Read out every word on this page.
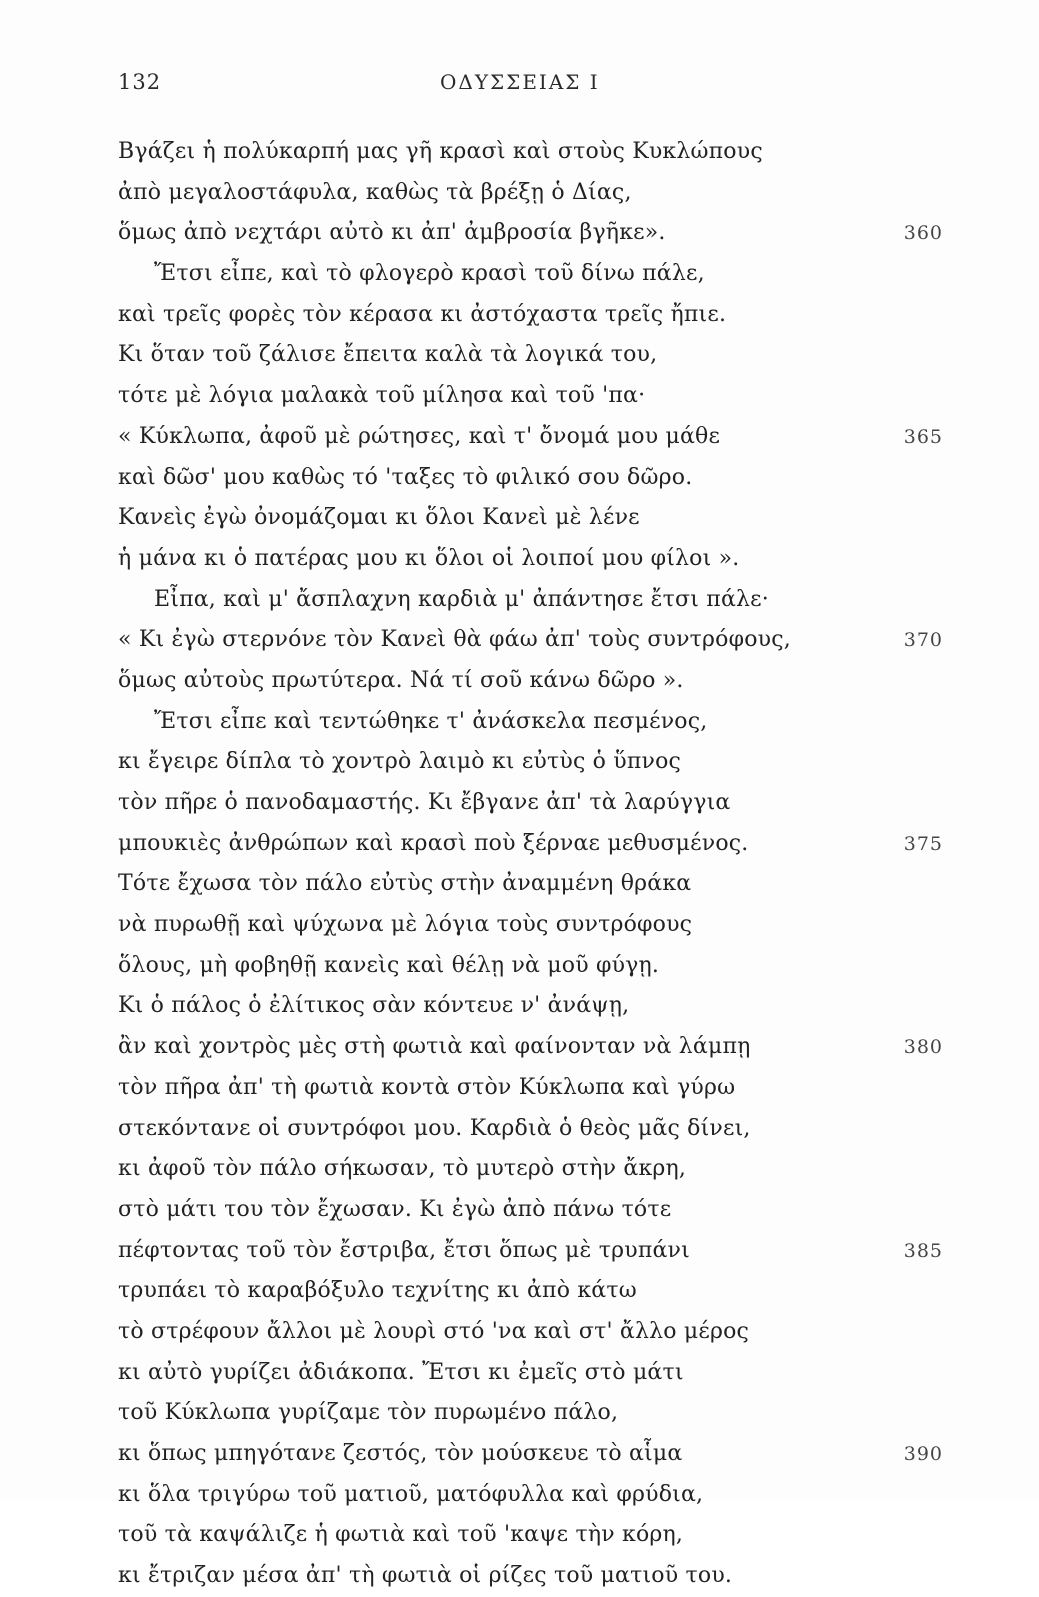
132	ΟΔΥΣΣΕΙΑΣ Ι
Βγάζει ἡ πολύκαρπή μας γῆ κρασὶ καὶ στοὺς Κυκλώπους
ἀπὸ μεγαλοστάφυλα, καθὼς τὰ βρέξῃ ὁ Δίας,
ὅμως ἀπὸ νεχτάρι αὐτὸ κι ἀπ' ἀμβροσία βγῆκε».	360
Ἔτσι εἶπε, καὶ τὸ φλογερὸ κρασὶ τοῦ δίνω πάλε,
καὶ τρεῖς φορὲς τὸν κέρασα κι ἀστόχαστα τρεῖς ἤπιε.
Κι ὅταν τοῦ ζάλισε ἔπειτα καλὰ τὰ λογικά του,
τότε μὲ λόγια μαλακὰ τοῦ μίλησα καὶ τοῦ 'πα·
« Κύκλωπα, ἀφοῦ μὲ ρώτησες, καὶ τ' ὄνομά μου μάθε	365
καὶ δῶσ' μου καθὼς τό 'ταξες τὸ φιλικό σου δῶρο.
Κανεὶς ἐγὼ ὀνομάζομαι κι ὅλοι Κανεὶ μὲ λένε
ἡ μάνα κι ὁ πατέρας μου κι ὅλοι οἱ λοιποί μου φίλοι ».
Εἶπα, καὶ μ' ἄσπλαχνη καρδιὰ μ' ἀπάντησε ἔτσι πάλε·
« Κι ἐγὼ στερνόνε τὸν Κανεὶ θὰ φάω ἀπ' τοὺς συντρόφους,	370
ὅμως αὐτοὺς πρωτύτερα. Νά τί σοῦ κάνω δῶρο ».
Ἔτσι εἶπε καὶ τεντώθηκε τ' ἀνάσκελα πεσμένος,
κι ἔγειρε δίπλα τὸ χοντρὸ λαιμὸ κι εὐτὺς ὁ ὕπνος
τὸν πῆρε ὁ πανοδαμαστής. Κι ἔβγανε ἀπ' τὰ λαρύγγια
μπουκιὲς ἀνθρώπων καὶ κρασὶ ποὺ ξέρναε μεθυσμένος.	375
Τότε ἔχωσα τὸν πάλο εὐτὺς στὴν ἀναμμένη θράκα
νὰ πυρωθῇ καὶ ψύχωνα μὲ λόγια τοὺς συντρόφους
ὅλους, μὴ φοβηθῇ κανεὶς καὶ θέλῃ νὰ μοῦ φύγῃ.
Κι ὁ πάλος ὁ ἐλίτικος σὰν κόντευε ν' ἀνάψῃ,
ἂν καὶ χοντρὸς μὲς στὴ φωτιὰ καὶ φαίνονταν νὰ λάμπῃ	380
τὸν πῆρα ἀπ' τὴ φωτιὰ κοντὰ στὸν Κύκλωπα καὶ γύρω
στεκόντανε οἱ συντρόφοι μου. Καρδιὰ ὁ θεὸς μᾶς δίνει,
κι ἀφοῦ τὸν πάλο σήκωσαν, τὸ μυτερὸ στὴν ἄκρη,
στὸ μάτι του τὸν ἔχωσαν. Κι ἐγὼ ἀπὸ πάνω τότε
πέφτοντας τοῦ τὸν ἔστριβα, ἔτσι ὅπως μὲ τρυπάνι	385
τρυπάει τὸ καραβόξυλο τεχνίτης κι ἀπὸ κάτω
τὸ στρέφουν ἄλλοι μὲ λουρὶ στό 'να καὶ στ' ἄλλο μέρος
κι αὐτὸ γυρίζει ἀδιάκοπα. Ἔτσι κι ἐμεῖς στὸ μάτι
τοῦ Κύκλωπα γυρίζαμε τὸν πυρωμένο πάλο,
κι ὅπως μπηγότανε ζεστός, τὸν μούσκευε τὸ αἷμα	390
κι ὅλα τριγύρω τοῦ ματιοῦ, ματόφυλλα καὶ φρύδια,
τοῦ τὰ καψάλιζε ἡ φωτιὰ καὶ τοῦ 'καψε τὴν κόρη,
κι ἔτριζαν μέσα ἀπ' τὴ φωτιὰ οἱ ρίζες τοῦ ματιοῦ του.
